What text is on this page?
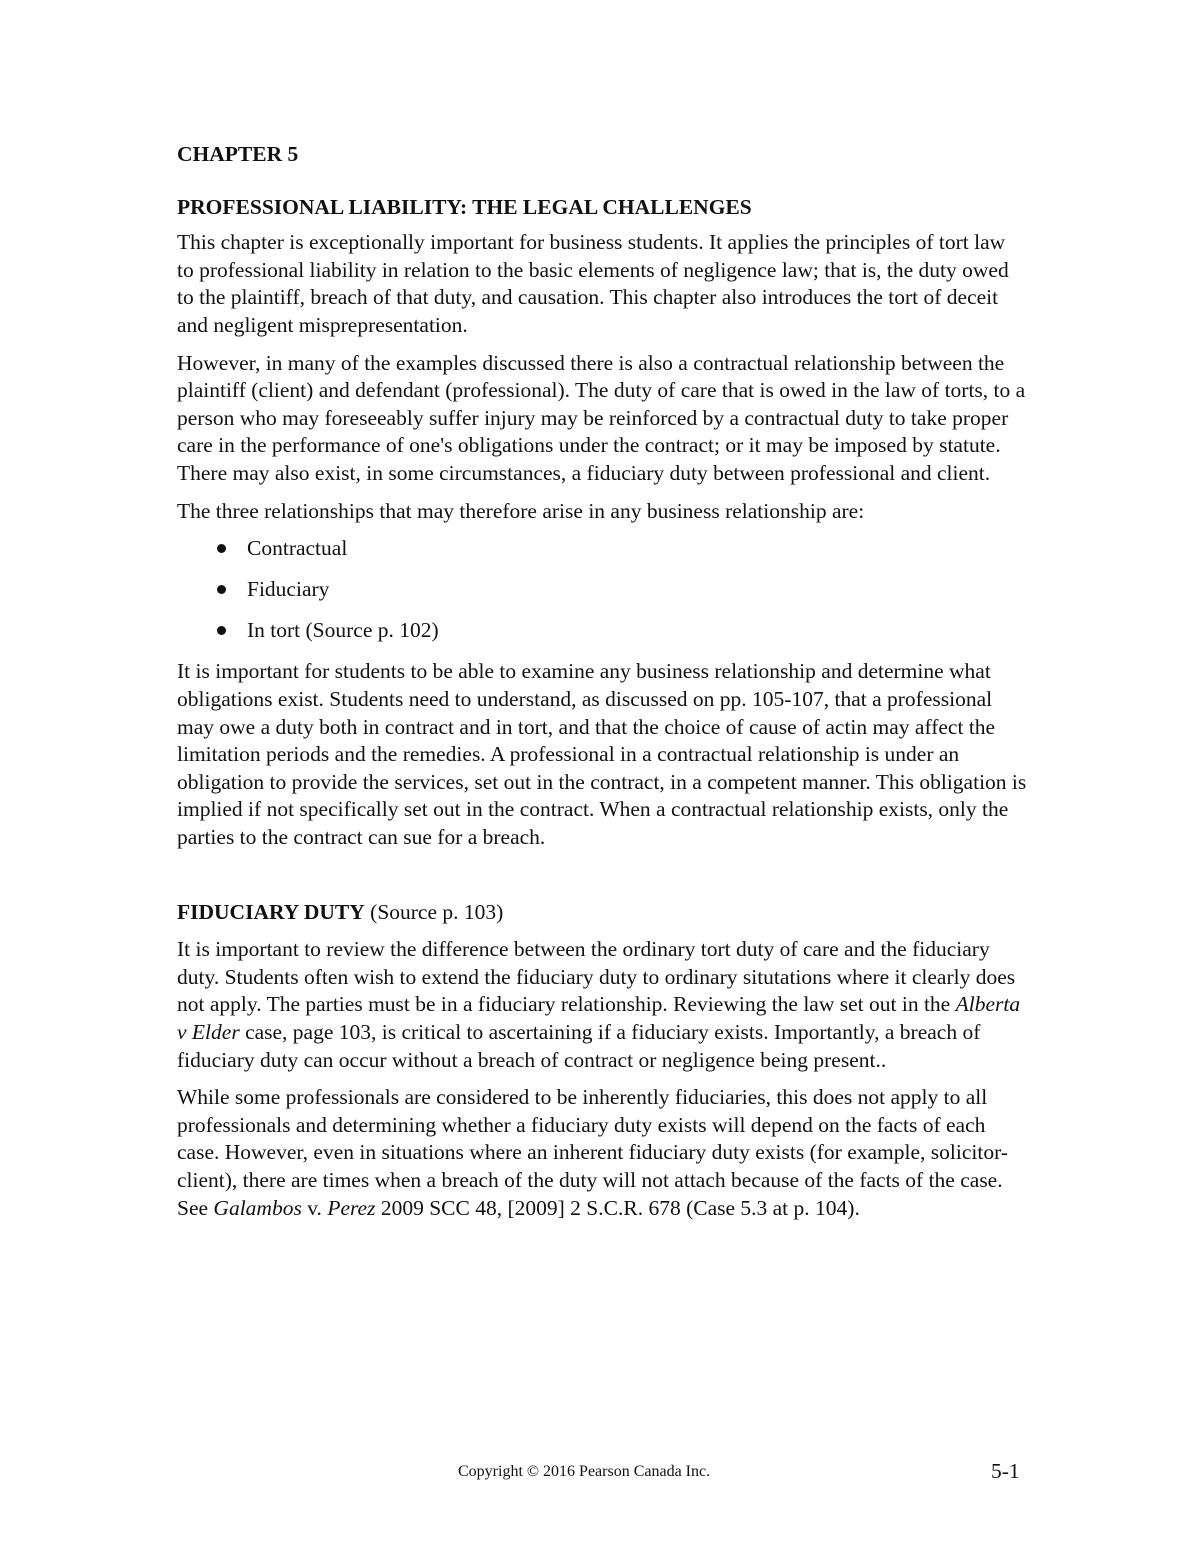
CHAPTER 5
PROFESSIONAL LIABILITY: THE LEGAL CHALLENGES

This chapter is exceptionally important for business students. It applies the principles of tort law to professional liability in relation to the basic elements of negligence law; that is, the duty owed to the plaintiff, breach of that duty, and causation. This chapter also introduces the tort of deceit and negligent misprepresentation.

However, in many of the examples discussed there is also a contractual relationship between the plaintiff (client) and defendant (professional). The duty of care that is owed in the law of torts, to a person who may foreseeably suffer injury may be reinforced by a contractual duty to take proper care in the performance of one's obligations under the contract; or it may be imposed by statute. There may also exist, in some circumstances, a fiduciary duty between professional and client.

The three relationships that may therefore arise in any business relationship are:

Contractual
Fiduciary
In tort (Source p. 102)

It is important for students to be able to examine any business relationship and determine what obligations exist. Students need to understand, as discussed on pp. 105-107, that a professional may owe a duty both in contract and in tort, and that the choice of cause of actin may affect the limitation periods and the remedies. A professional in a contractual relationship is under an obligation to provide the services, set out in the contract, in a competent manner. This obligation is implied if not specifically set out in the contract. When a contractual relationship exists, only the parties to the contract can sue for a breach.

FIDUCIARY DUTY (Source p. 103)

It is important to review the difference between the ordinary tort duty of care and the fiduciary duty. Students often wish to extend the fiduciary duty to ordinary situtations where it clearly does not apply. The parties must be in a fiduciary relationship. Reviewing the law set out in the Alberta v Elder case, page 103, is critical to ascertaining if a fiduciary exists. Importantly, a breach of fiduciary duty can occur without a breach of contract or negligence being present..

While some professionals are considered to be inherently fiduciaries, this does not apply to all professionals and determining whether a fiduciary duty exists will depend on the facts of each case. However, even in situations where an inherent fiduciary duty exists (for example, solicitor-client), there are times when a breach of the duty will not attach because of the facts of the case. See Galambos v. Perez 2009 SCC 48, [2009] 2 S.C.R. 678 (Case 5.3 at p. 104).

Copyright © 2016 Pearson Canada Inc.	5-1
